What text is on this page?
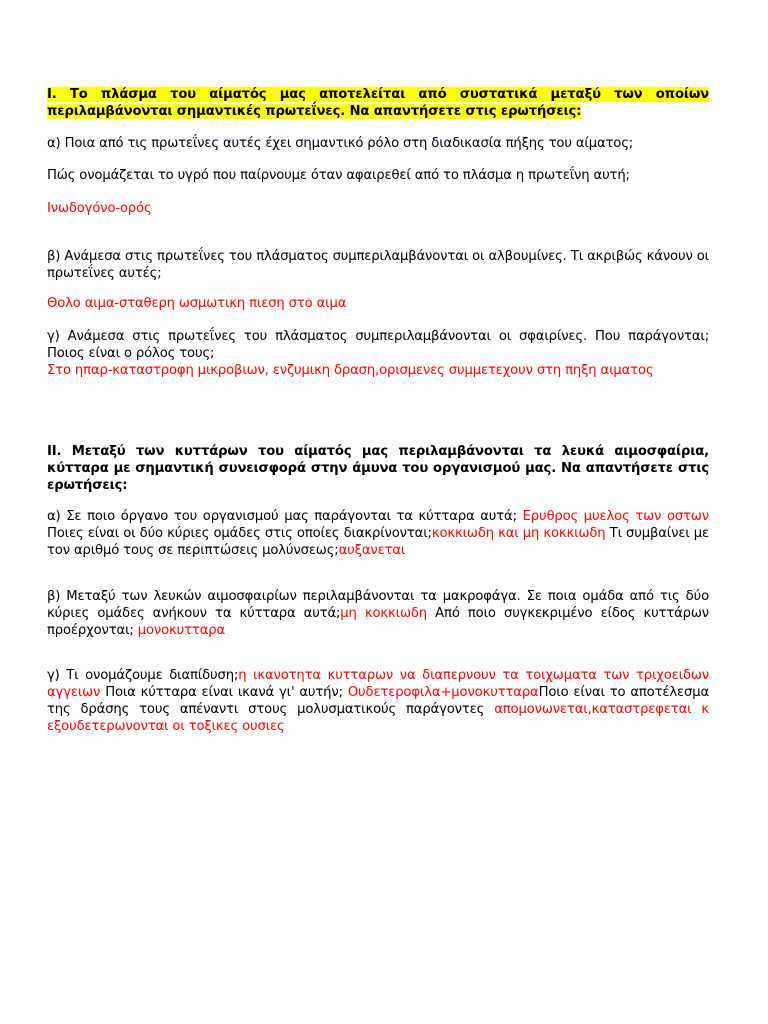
I. Το πλάσμα του αίματός μας αποτελείται από συστατικά μεταξύ των οποίων περιλαμβάνονται σημαντικές πρωτεΐνες. Να απαντήσετε στις ερωτήσεις:
α) Ποια από τις πρωτεΐνες αυτές έχει σημαντικό ρόλο στη διαδικασία πήξης του αίματος;
Πώς ονομάζεται το υγρό που παίρνουμε όταν αφαιρεθεί από το πλάσμα η πρωτεΐνη αυτή;
Ινωδογόνο-ορός
β) Ανάμεσα στις πρωτεΐνες του πλάσματος συμπεριλαμβάνονται οι αλβουμίνες. Τι ακριβώς κάνουν οι πρωτεΐνες αυτές;
Θολο αιμα-σταθερη ωσμωτικη πιεση στο αιμα
γ) Ανάμεσα στις πρωτεΐνες του πλάσματος συμπεριλαμβάνονται οι σφαιρίνες. Που παράγονται; Ποιος είναι ο ρόλος τους;
Στο ηπαρ-καταστροφη μικροβιων, ενζυμικη δραση,ορισμενες συμμετεχουν στη πηξη αιματος
II. Μεταξύ των κυττάρων του αίματός μας περιλαμβάνονται τα λευκά αιμοσφαίρια, κύτταρα με σημαντική συνεισφορά στην άμυνα του οργανισμού μας. Να απαντήσετε στις ερωτήσεις:
α) Σε ποιο όργανο του οργανισμού μας παράγονται τα κύτταρα αυτά; Ερυθρος μυελος των οστων Ποιες είναι οι δύο κύριες ομάδες στις οποίες διακρίνονται;κοκκιωδη και μη κοκκιωδη Τι συμβαίνει με τον αριθμό τους σε περιπτώσεις μολύνσεως;αυξανεται
β) Μεταξύ των λευκών αιμοσφαιρίων περιλαμβάνονται τα μακροφάγα. Σε ποια ομάδα από τις δύο κύριες ομάδες ανήκουν τα κύτταρα αυτά;μη κοκκιωδη Από ποιο συγκεκριμένο είδος κυττάρων προέρχονται; μονοκυτταρα
γ) Τι ονομάζουμε διαπίδυση;η ικανοτητα κυτταρων να διαπερνουν τα τοιχωματα των τριχοειδων αγγειων Ποια κύτταρα είναι ικανά γι' αυτήν; Ουδετεροφιλα+μονοκυτταραΠοιο είναι το αποτέλεσμα της δράσης τους απέναντι στους μολυσματικούς παράγοντες απομονωνεται,καταστρεφεται κ εξουδετερωνονται οι τοξικες ουσιες
